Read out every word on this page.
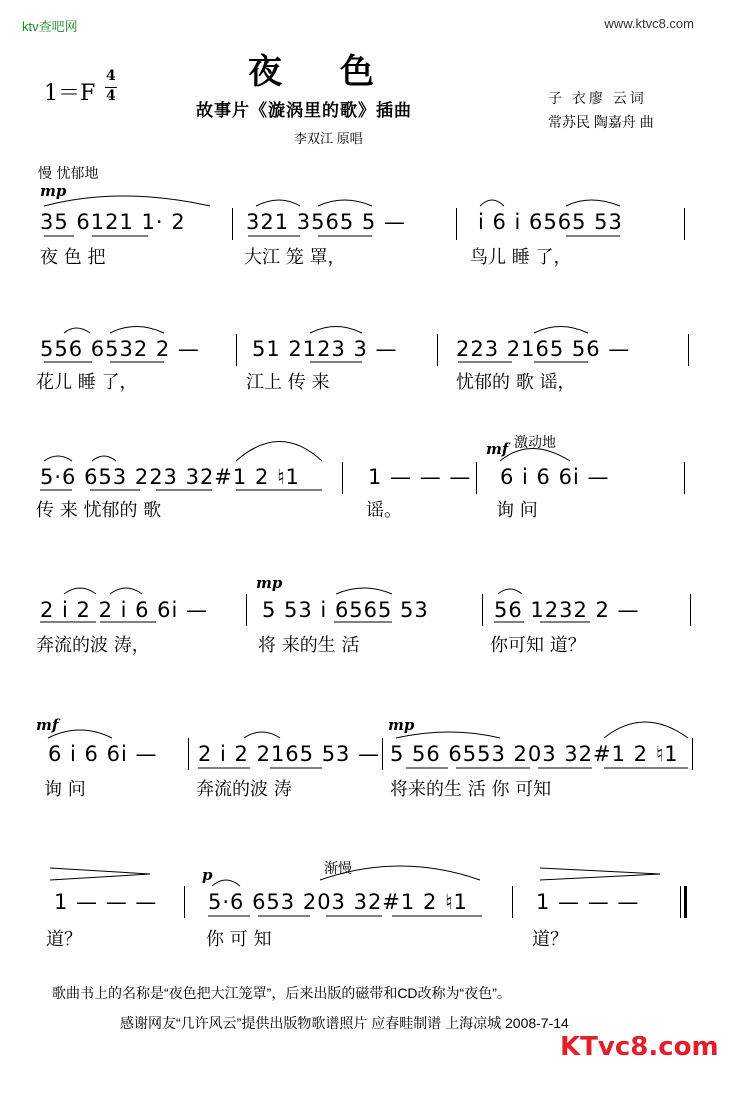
ktv查吧网	www.ktvc8.com
夜色
1＝F
4
4
故事片《漩涡里的歌》插曲
李双江 原唱
子 衣廖 云词
常苏民 陶嘉舟 曲
慢 忧郁地
mp
35 6121 1· 2	321 3565 5 —	i 6 i 6565 53
夜 色 把	大江 笼 罩，	鸟儿 睡 了，
556 6532 2 — 51 2123 3 —	223 2165 56 —
花儿 睡 了，	江上 传 来	忧郁的 歌 谣，
mf 激动地
5·6 653 223 32#1 2 ♮1	1 — — — 6 i 6 6i —
传 来 忧郁的 歌	谣。	询 问
mp
2 i 2 2 i 6 6i —	5 53 i 6565 53	56 1232 2 —
奔流的波 涛，	将 来的生 活	你可知 道？
mf	mp
6 i 6 6i — 2 i 2 2165 53 — 5 56 6553 203 32#1 2 ♮1
询 问	奔流的波 涛	将来的生 活 你 可知
渐慢
p
1 — — — 5·6 653 203 32#1 2 ♮1	1 — — —
道？	你 可 知	道？
歌曲书上的名称是“夜色把大江笼罩”，后来出版的磁带和CD改称为“夜色”。
感谢网友“几许风云”提供出版物歌谱照片 应春畦制谱 上海凉城 2008-7-14
KTvc8.com
